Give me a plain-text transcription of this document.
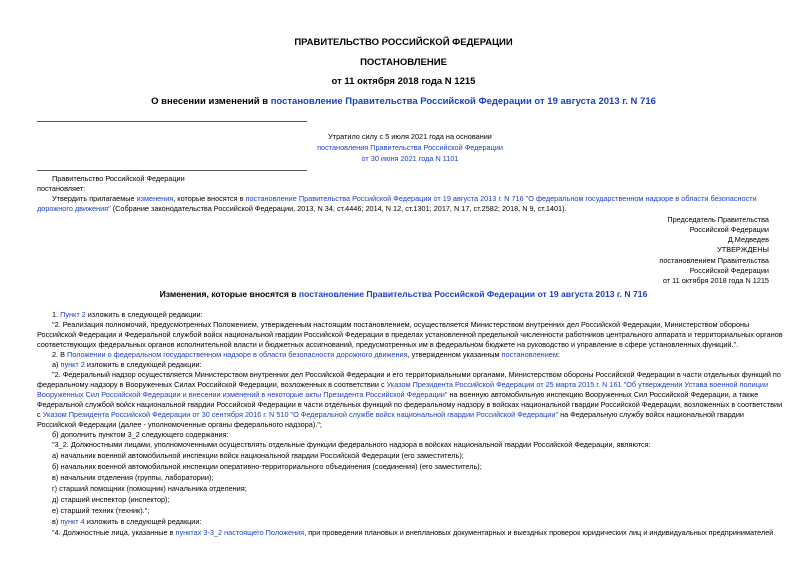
ПРАВИТЕЛЬСТВО РОССИЙСКОЙ ФЕДЕРАЦИИ
ПОСТАНОВЛЕНИЕ
от 11 октября 2018 года N 1215
О внесении изменений в постановление Правительства Российской Федерации от 19 августа 2013 г. N 716
Утратило силу с 5 июля 2021 года на основании
постановления Правительства Российской Федерации
от 30 июня 2021 года N 1101
Правительство Российской Федерации
постановляет:
Утвердить прилагаемые изменения, которые вносятся в постановление Правительства Российской Федерации от 19 августа 2013 г. N 716 "О федеральном государственном надзоре в области безопасности
дорожного движения" (Собрание законодательства Российской Федерации, 2013, N 34, ст.4446; 2014, N 12, ст.1301; 2017, N 17, ст.2582; 2018, N 9, ст.1401).
Председатель Правительства
Российской Федерации
Д.Медведев
УТВЕРЖДЕНЫ
постановлением Правительства
Российской Федерации
от 11 октября 2018 года N 1215
Изменения, которые вносятся в постановление Правительства Российской Федерации от 19 августа 2013 г. N 716
1. Пункт 2 изложить в следующей редакции:
"2. Реализация полномочий, предусмотренных Положением, утвержденным настоящим постановлением, осуществляется Министерством внутренних дел Российской Федерации, Министерством обороны
Российской Федерации и Федеральной службой войск национальной гвардии Российской Федерации в пределах установленной предельной численности работников центрального аппарата и территориальных органов
соответствующих федеральных органов исполнительной власти и бюджетных ассигнований, предусмотренных им в федеральном бюджете на руководство и управление в сфере установленных функций.".
2. В Положении о федеральном государственном надзоре в области безопасности дорожного движения, утвержденном указанным постановлением:
а) пункт 2 изложить в следующей редакции:
"2. Федеральный надзор осуществляется Министерством внутренних дел Российской Федерации и его территориальными органами, Министерством обороны Российской Федерации в части отдельных функций по
федеральному надзору в Вооруженных Силах Российской Федерации, возложенных в соответствии с Указом Президента Российской Федерации от 25 марта 2015 г. N 161 "Об утверждении Устава военной полиции
Вооруженных Сил Российской Федерации и внесении изменений в некоторые акты Президента Российской Федерации" на военную автомобильную инспекцию Вооруженных Сил Российской Федерации, а также
Федеральной службой войск национальной гвардии Российской Федерации в части отдельных функций по федеральному надзору в войсках национальной гвардии Российской Федерации, возложенных в соответствии
с Указом Президента Российской Федерации от 30 сентября 2016 г. N 510 "О Федеральной службе войск национальной гвардии Российской Федерации" на Федеральную службу войск национальной гвардии
Российской Федерации (далее - уполномоченные органы федерального надзора).";
б) дополнить пунктом 3_2 следующего содержания:
"3_2. Должностными лицами, уполномоченными осуществлять отдельные функции федерального надзора в войсках национальной гвардии Российской Федерации, являются:
а) начальник военной автомобильной инспекции войск национальной гвардии Российской Федерации (его заместитель);
б) начальник военной автомобильной инспекции оперативно-территориального объединения (соединения) (его заместитель);
в) начальник отделения (группы, лаборатории);
г) старший помощник (помощник) начальника отделения;
д) старший инспектор (инспектор);
е) старший техник (техник).";
в) пункт 4 изложить в следующей редакции:
"4. Должностные лица, указанные в пунктах 3-3_2 настоящего Положения, при проведении плановых и внеплановых документарных и выездных проверок юридических лиц и индивидуальных предпринимателей
